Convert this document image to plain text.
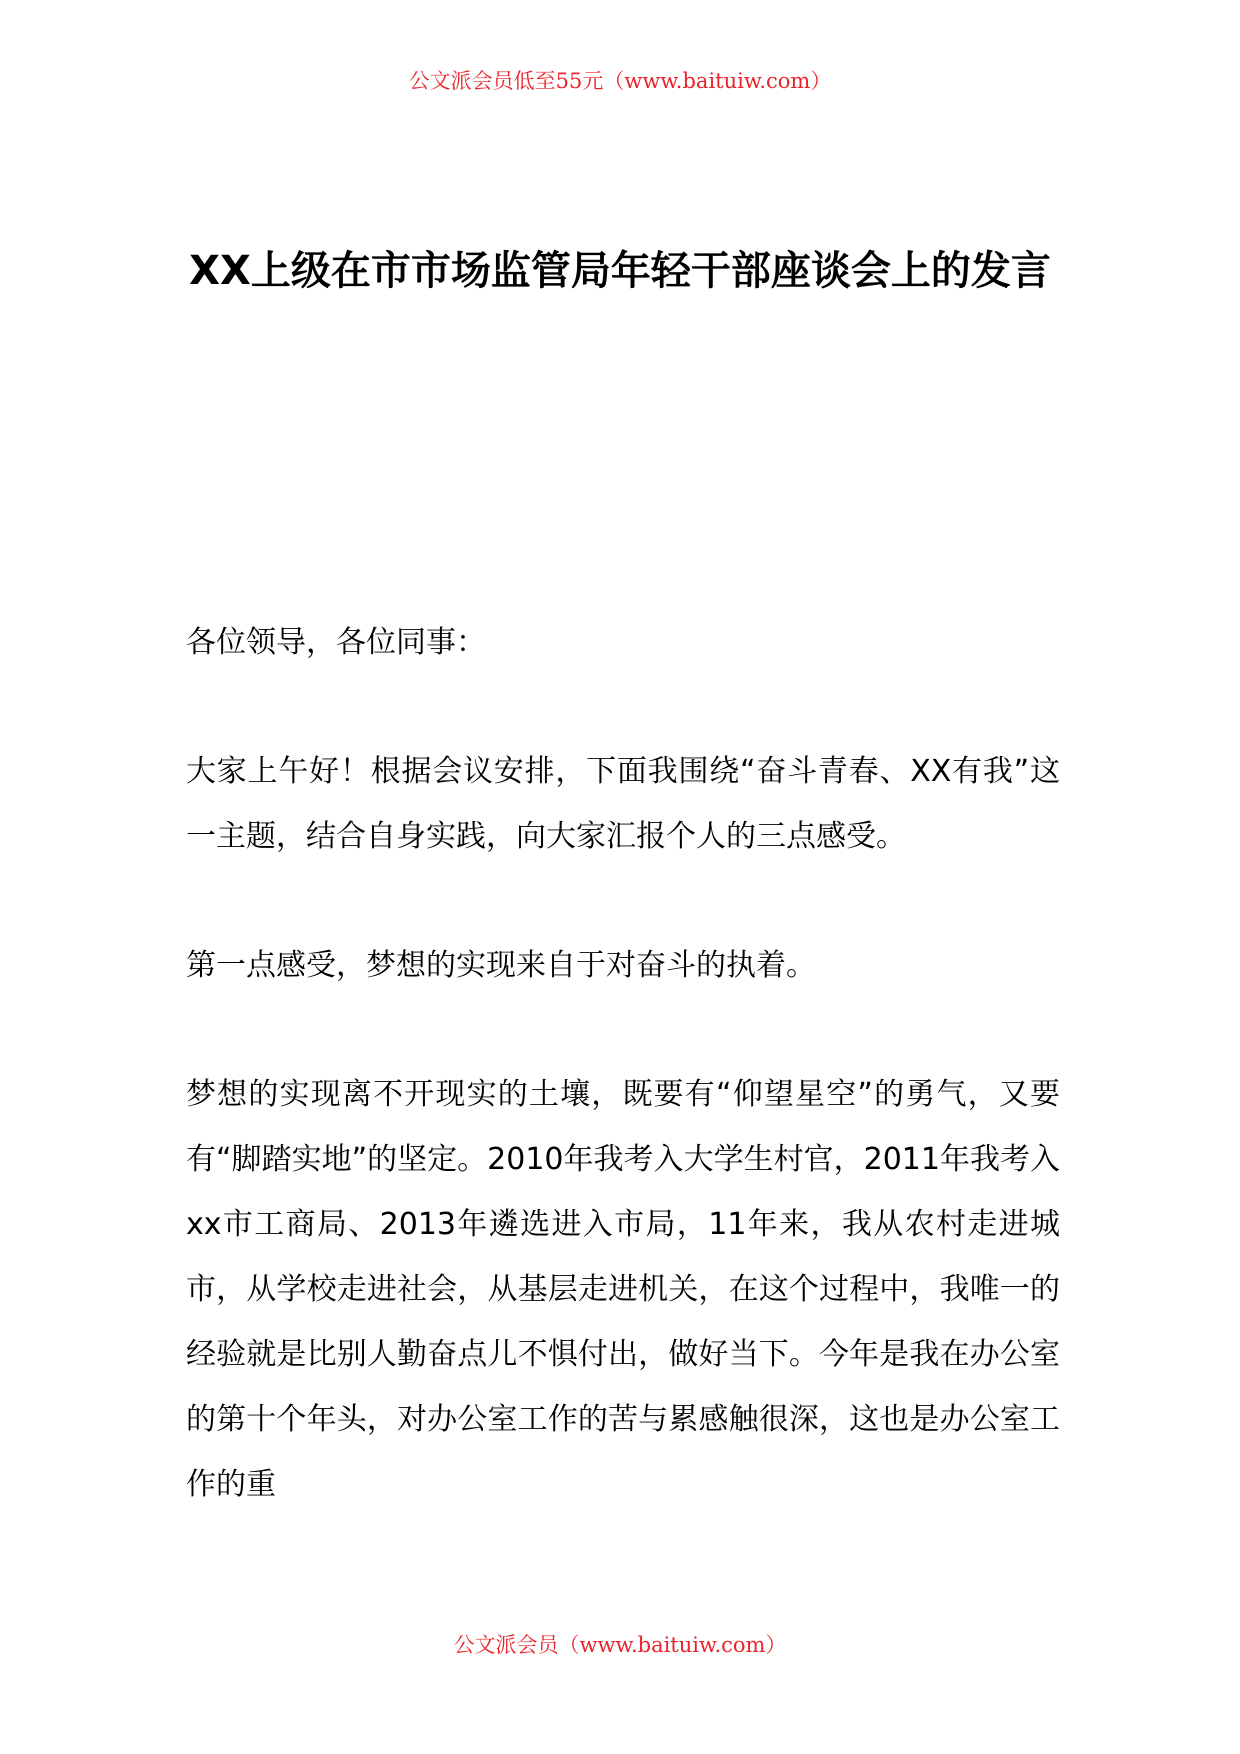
公文派会员低至55元（www.baituiw.com）
XX上级在市市场监管局年轻干部座谈会上的发言

各位领导，各位同事：

大家上午好！根据会议安排，下面我围绕“奋斗青春、XX有我”这一主题，结合自身实践，向大家汇报个人的三点感受。

第一点感受，梦想的实现来自于对奋斗的执着。

梦想的实现离不开现实的土壤，既要有“仰望星空”的勇气，又要有“脚踏实地”的坚定。2010年我考入大学生村官，2011年我考入xx市工商局、2013年遴选进入市局，11年来，我从农村走进城市，从学校走进社会，从基层走进机关，在这个过程中，我唯一的经验就是比别人勤奋点儿不惧付出，做好当下。今年是我在办公室的第十个年头，对办公室工作的苦与累感触很深，这也是办公室工作的重

公文派会员（www.baituiw.com）
